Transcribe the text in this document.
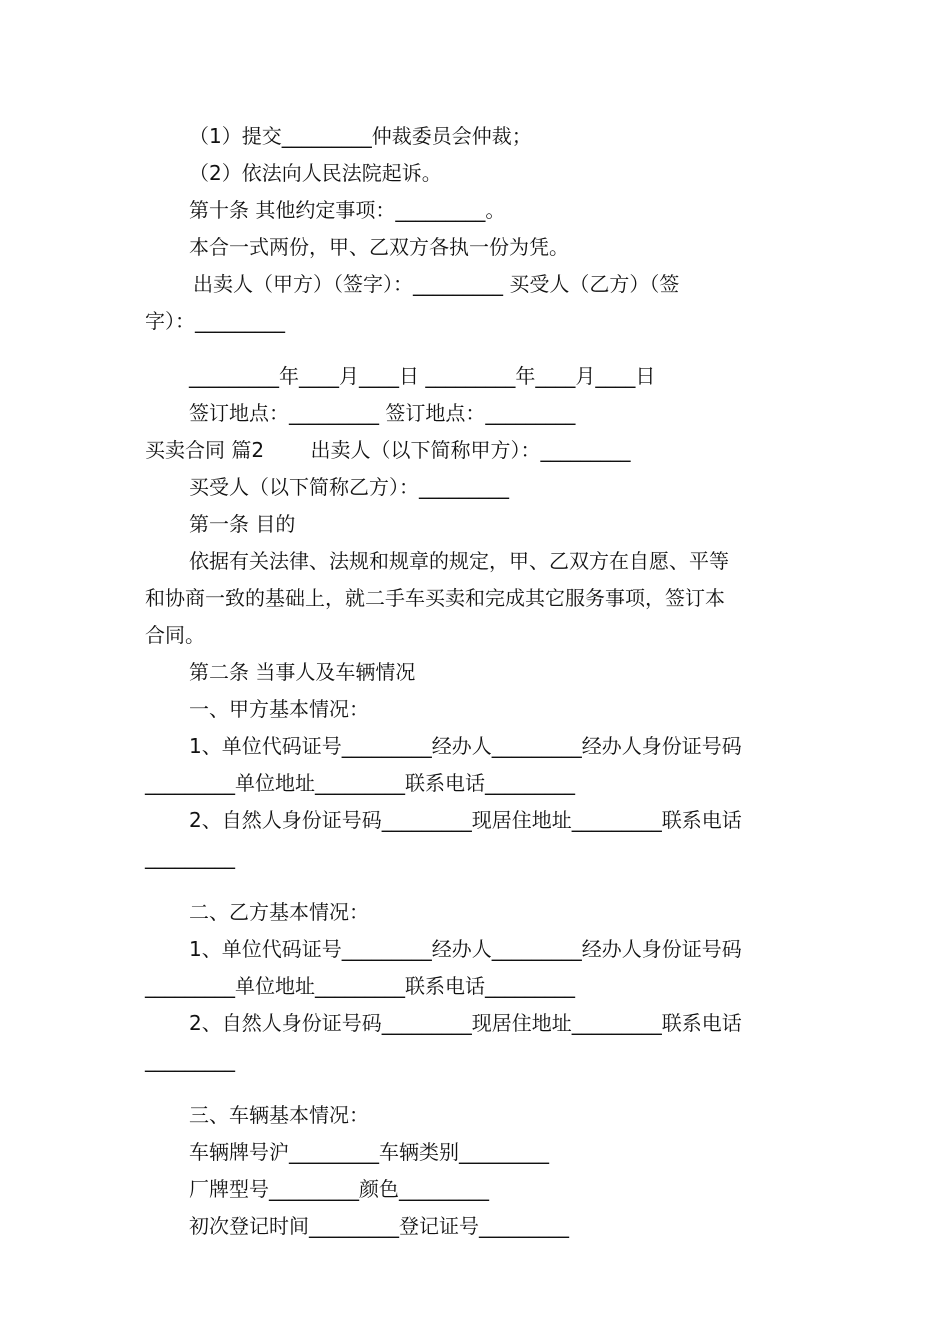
（1）提交_________仲裁委员会仲裁；
（2）依法向人民法院起诉。
第十条 其他约定事项：_________。
本合一式两份，甲、乙双方各执一份为凭。
出卖人（甲方）（签字）：_________ 买受人（乙方）（签
字）：_________
_________年____月____日 _________年____月____日
签订地点：_________ 签订地点：_________
买卖合同 篇2 　　出卖人（以下简称甲方）：_________
买受人（以下简称乙方）：_________
第一条 目的
依据有关法律、法规和规章的规定，甲、乙双方在自愿、平等
和协商一致的基础上，就二手车买卖和完成其它服务事项，签订本
合同。
第二条 当事人及车辆情况
一、甲方基本情况：
1、单位代码证号_________经办人_________经办人身份证号码
_________单位地址_________联系电话_________
2、自然人身份证号码_________现居住地址_________联系电话
_________
二、乙方基本情况：
1、单位代码证号_________经办人_________经办人身份证号码
_________单位地址_________联系电话_________
2、自然人身份证号码_________现居住地址_________联系电话
_________
三、车辆基本情况：
车辆牌号沪_________车辆类别_________
厂牌型号_________颜色_________
初次登记时间_________登记证号_________
